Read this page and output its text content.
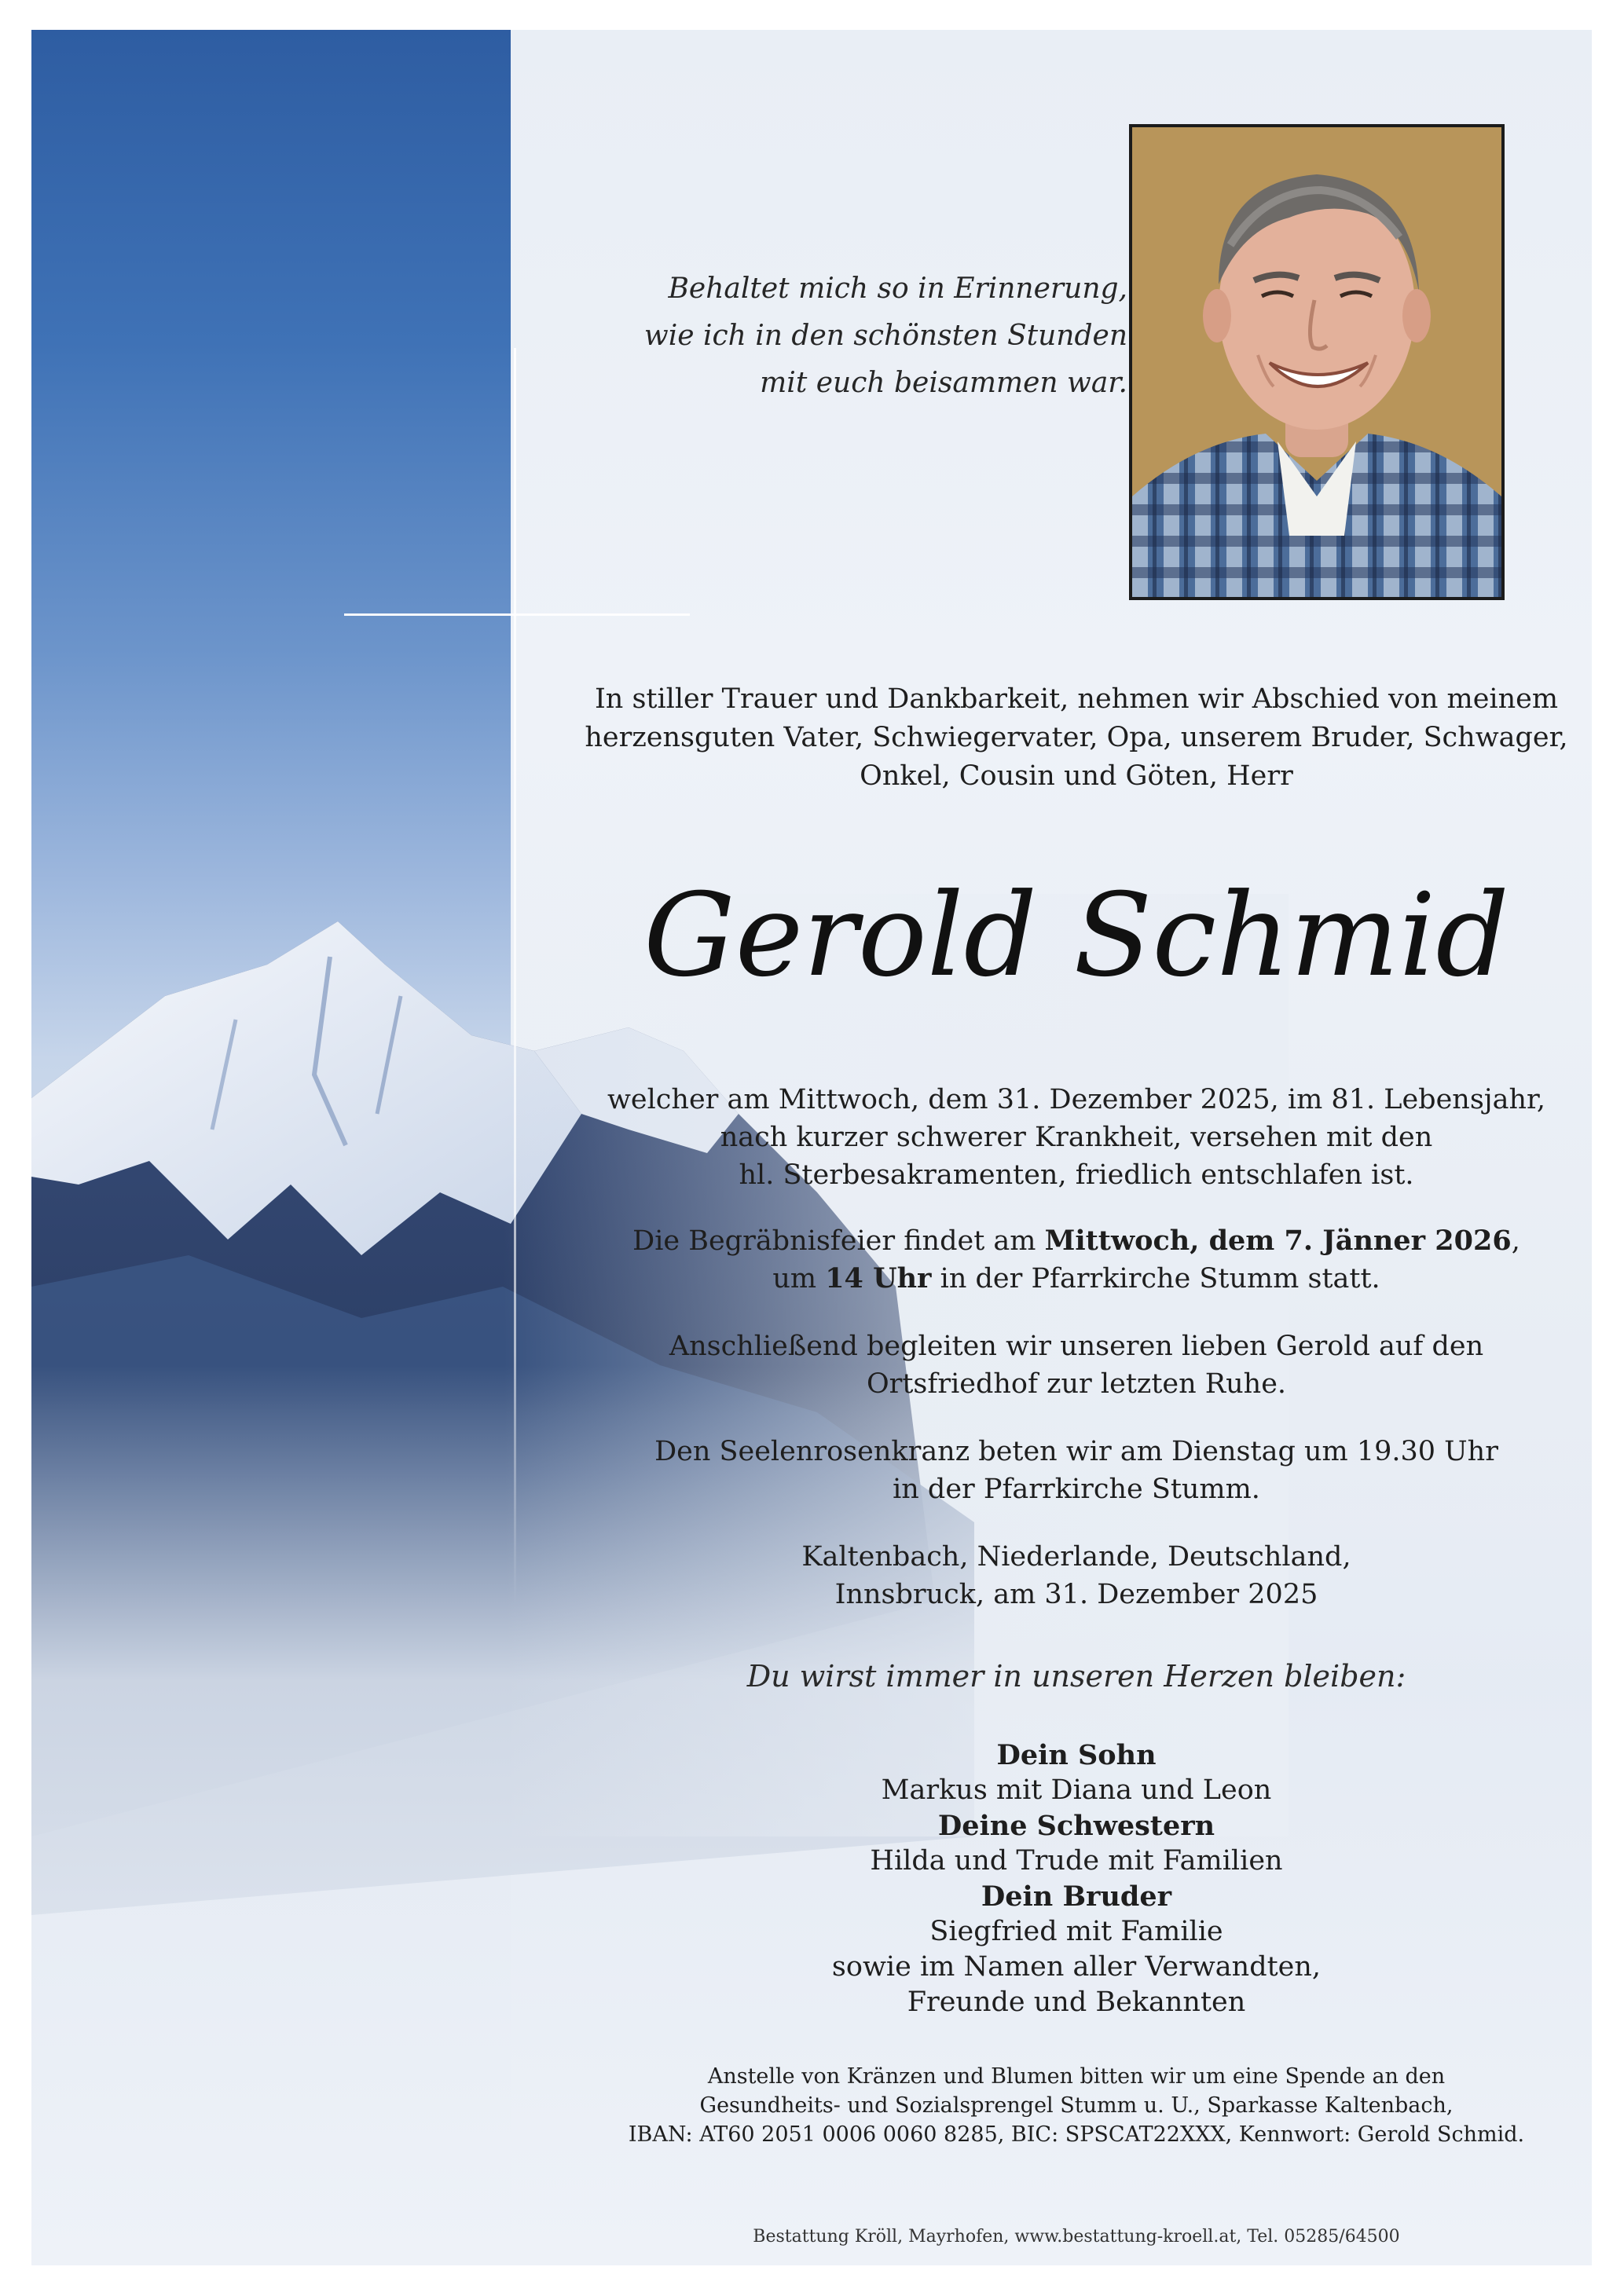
Behaltet mich so in Erinnerung,
wie ich in den schönsten Stunden
mit euch beisammen war.
In stiller Trauer und Dankbarkeit, nehmen wir Abschied von meinem
herzensguten Vater, Schwiegervater, Opa, unserem Bruder, Schwager,
Onkel, Cousin und Göten, Herr
Gerold Schmid
welcher am Mittwoch, dem 31. Dezember 2025, im 81. Lebensjahr,
nach kurzer schwerer Krankheit, versehen mit den
hl. Sterbesakramenten, friedlich entschlafen ist.
Die Begräbnisfeier findet am Mittwoch, dem 7. Jänner 2026,
um 14 Uhr in der Pfarrkirche Stumm statt.
Anschließend begleiten wir unseren lieben Gerold auf den
Ortsfriedhof zur letzten Ruhe.
Den Seelenrosenkranz beten wir am Dienstag um 19.30 Uhr
in der Pfarrkirche Stumm.
Kaltenbach, Niederlande, Deutschland,
Innsbruck, am 31. Dezember 2025
Du wirst immer in unseren Herzen bleiben:
Dein Sohn
Markus mit Diana und Leon
Deine Schwestern
Hilda und Trude mit Familien
Dein Bruder
Siegfried mit Familie
sowie im Namen aller Verwandten,
Freunde und Bekannten
Anstelle von Kränzen und Blumen bitten wir um eine Spende an den
Gesundheits- und Sozialsprengel Stumm u. U., Sparkasse Kaltenbach,
IBAN: AT60 2051 0006 0060 8285, BIC: SPSCAT22XXX, Kennwort: Gerold Schmid.
Bestattung Kröll, Mayrhofen, www.bestattung-kroell.at, Tel. 05285/64500
